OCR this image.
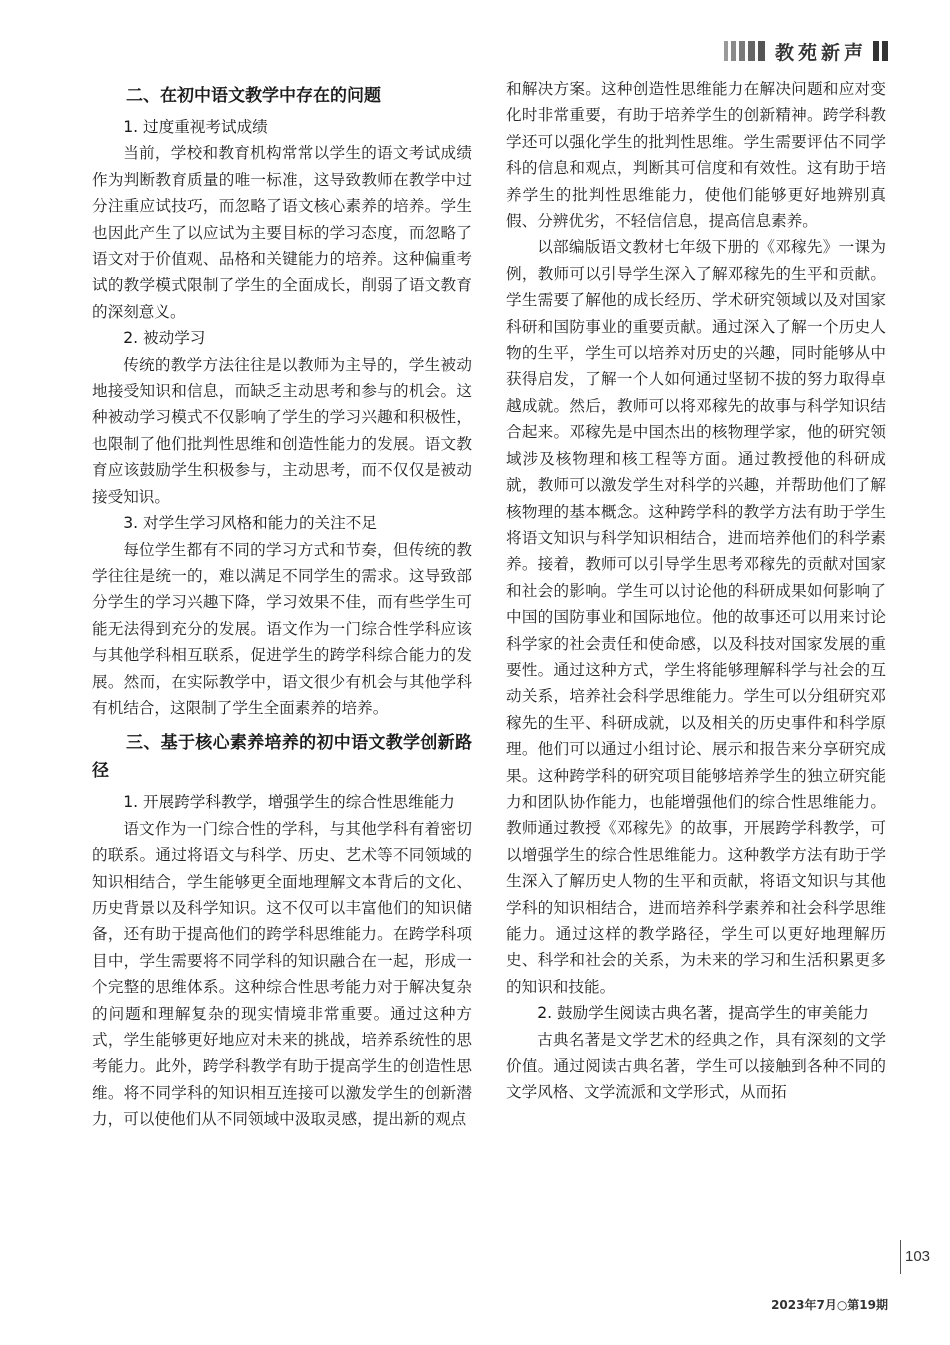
教苑新声
二、在初中语文教学中存在的问题
1. 过度重视考试成绩

当前，学校和教育机构常常以学生的语文考试成绩作为判断教育质量的唯一标准，这导致教师在教学中过分注重应试技巧，而忽略了语文核心素养的培养。学生也因此产生了以应试为主要目标的学习态度，而忽略了语文对于价值观、品格和关键能力的培养。这种偏重考试的教学模式限制了学生的全面成长，削弱了语文教育的深刻意义。

2. 被动学习

传统的教学方法往往是以教师为主导的，学生被动地接受知识和信息，而缺乏主动思考和参与的机会。这种被动学习模式不仅影响了学生的学习兴趣和积极性，也限制了他们批判性思维和创造性能力的发展。语文教育应该鼓励学生积极参与，主动思考，而不仅仅是被动接受知识。

3. 对学生学习风格和能力的关注不足

每位学生都有不同的学习方式和节奏，但传统的教学往往是统一的，难以满足不同学生的需求。这导致部分学生的学习兴趣下降，学习效果不佳，而有些学生可能无法得到充分的发展。语文作为一门综合性学科应该与其他学科相互联系，促进学生的跨学科综合能力的发展。然而，在实际教学中，语文很少有机会与其他学科有机结合，这限制了学生全面素养的培养。

三、基于核心素养培养的初中语文教学创新路径
1. 开展跨学科教学，增强学生的综合性思维能力

语文作为一门综合性的学科，与其他学科有着密切的联系。通过将语文与科学、历史、艺术等不同领域的知识相结合，学生能够更全面地理解文本背后的文化、历史背景以及科学知识。这不仅可以丰富他们的知识储备，还有助于提高他们的跨学科思维能力。在跨学科项目中，学生需要将不同学科的知识融合在一起，形成一个完整的思维体系。这种综合性思考能力对于解决复杂的问题和理解复杂的现实情境非常重要。通过这种方式，学生能够更好地应对未来的挑战，培养系统性的思考能力。此外，跨学科教学有助于提高学生的创造性思维。将不同学科的知识相互连接可以激发学生的创新潜力，可以使他们从不同领域中汲取灵感，提出新的观点

和解决方案。这种创造性思维能力在解决问题和应对变化时非常重要，有助于培养学生的创新精神。跨学科教学还可以强化学生的批判性思维。学生需要评估不同学科的信息和观点，判断其可信度和有效性。这有助于培养学生的批判性思维能力，使他们能够更好地辨别真假、分辨优劣，不轻信信息，提高信息素养。

以部编版语文教材七年级下册的《邓稼先》一课为例，教师可以引导学生深入了解邓稼先的生平和贡献。学生需要了解他的成长经历、学术研究领域以及对国家科研和国防事业的重要贡献。通过深入了解一个历史人物的生平，学生可以培养对历史的兴趣，同时能够从中获得启发，了解一个人如何通过坚韧不拔的努力取得卓越成就。然后，教师可以将邓稼先的故事与科学知识结合起来。邓稼先是中国杰出的核物理学家，他的研究领域涉及核物理和核工程等方面。通过教授他的科研成就，教师可以激发学生对科学的兴趣，并帮助他们了解核物理的基本概念。这种跨学科的教学方法有助于学生将语文知识与科学知识相结合，进而培养他们的科学素养。接着，教师可以引导学生思考邓稼先的贡献对国家和社会的影响。学生可以讨论他的科研成果如何影响了中国的国防事业和国际地位。他的故事还可以用来讨论科学家的社会责任和使命感，以及科技对国家发展的重要性。通过这种方式，学生将能够理解科学与社会的互动关系，培养社会科学思维能力。学生可以分组研究邓稼先的生平、科研成就，以及相关的历史事件和科学原理。他们可以通过小组讨论、展示和报告来分享研究成果。这种跨学科的研究项目能够培养学生的独立研究能力和团队协作能力，也能增强他们的综合性思维能力。教师通过教授《邓稼先》的故事，开展跨学科教学，可以增强学生的综合性思维能力。这种教学方法有助于学生深入了解历史人物的生平和贡献，将语文知识与其他学科的知识相结合，进而培养科学素养和社会科学思维能力。通过这样的教学路径，学生可以更好地理解历史、科学和社会的关系，为未来的学习和生活积累更多的知识和技能。

2. 鼓励学生阅读古典名著，提高学生的审美能力

古典名著是文学艺术的经典之作，具有深刻的文学价值。通过阅读古典名著，学生可以接触到各种不同的文学风格、文学流派和文学形式，从而拓

103
2023年7月○第19期
